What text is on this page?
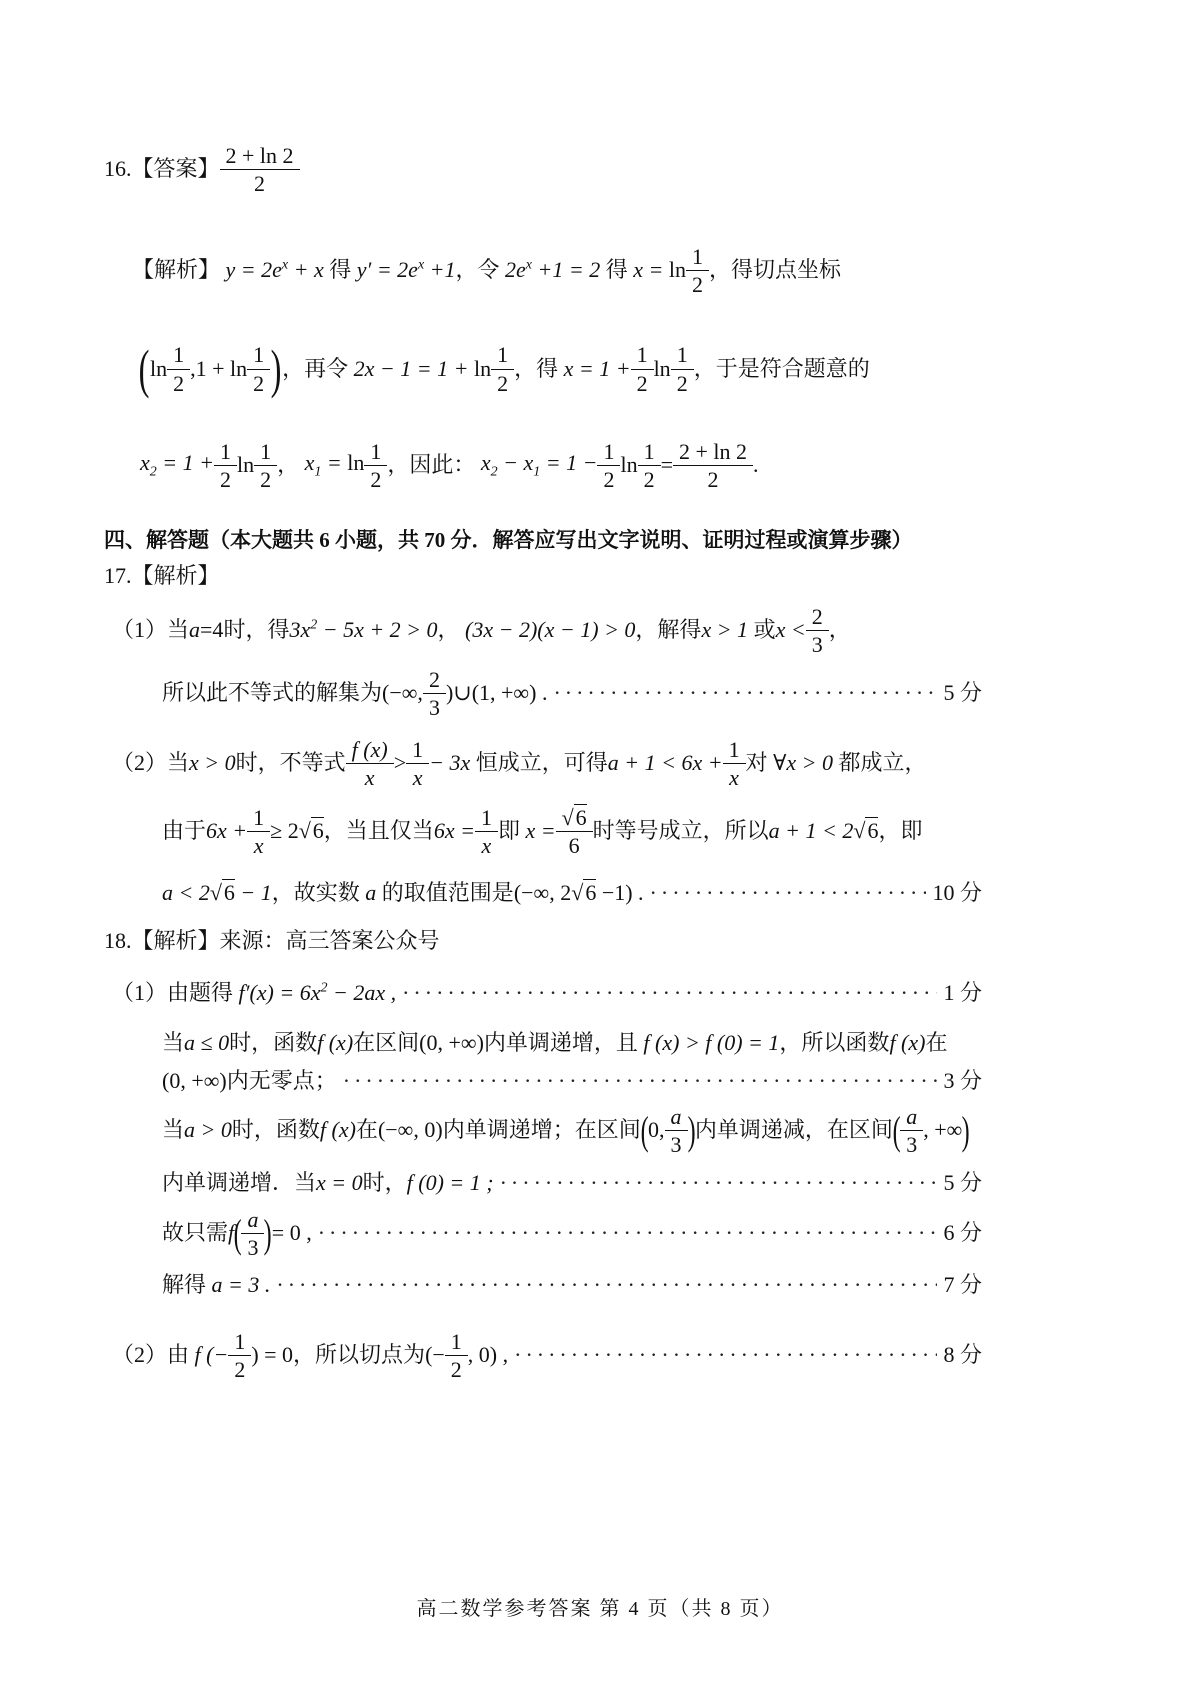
16.【答案】 $\frac{2 + \ln 2}{2}$
【解析】 $y = 2e^x + x$ 得 $y' = 2e^x +1$ ，令 $2e^x +1 = 2$ 得 $x = \ln \frac{1}{2}$ ，得切点坐标
( $\ln \frac{1}{2} ,1 + \ln \frac{1}{2}$ ) ，再令 $2x - 1 = 1 + \ln \frac{1}{2}$ ，得 $x = 1 + \frac{1}{2}$ $\ln \frac{1}{2}$ ，于是符合题意的
$x_2 = 1 + \frac{1}{2}$ $\ln \frac{1}{2}$ ， $x_1 = \ln \frac{1}{2}$ ，因此： $x_2 - x_1 = 1 - \frac{1}{2}$ $\ln \frac{1}{2} = \frac{2 + \ln 2}{2}$ .
四、解答题（本大题共 6 小题，共 70 分．解答应写出文字说明、证明过程或演算步骤）
17.【解析】
（1）当 a =4 时，得 $3x^2 - 5x + 2 > 0$ ， (3x − 2)(x − 1) > 0 ，解得 x > 1 或 $x < \frac{2}{3}$ ，
所以此不等式的解集为 (−∞, $\frac{2}{3}$ )∪(1, +∞) . ·····	5 分
（2）当 x > 0 时，不等式 $\frac{f (x)}{x} > \frac{1}{x} - 3x$ 恒成立，可得 $a + 1 < 6x + \frac{1}{x}$ 对 ∀x > 0 都成立，
由于 $6x + \frac{1}{x} \ge 2√6$ ，当且仅当 $6x = \frac{1}{x}$ 即 $x = \frac{√6}{6}$ 时等号成立，所以 a + 1 < 2√6 ，即
a < 2√6 − 1 ，故实数 a 的取值范围是 (−∞, 2√6 −1) . ·····	10 分
18.【解析】来源：高三答案公众号
（1）由题得 $f'(x) = 6x^2 - 2ax$ , ·····	1 分
当 a ≤ 0 时，函数 f (x) 在区间 (0, +∞) 内单调递增，且 f (x) > f (0) = 1 ，所以函数 f (x) 在
(0, +∞) 内无零点； ·····	3 分
当 a > 0 时，函数 f (x) 在 (−∞, 0) 内单调递增；在区间 ( 0, $\frac{a}{3}$ ) 内单调递减，在区间 ( $\frac{a}{3}$ , +∞ )
内单调递增．当 x = 0 时， f (0) = 1 ; ·····	5 分
故只需 f ( $\frac{a}{3}$ ) = 0 , ·····	6 分
解得 a = 3 . ·····	7 分
（2）由 f (− $\frac{1}{2}$ ) = 0 ，所以切点为 (− $\frac{1}{2}$ , 0) , ·····	8 分
高二数学参考答案 第 4 页（共 8 页）
